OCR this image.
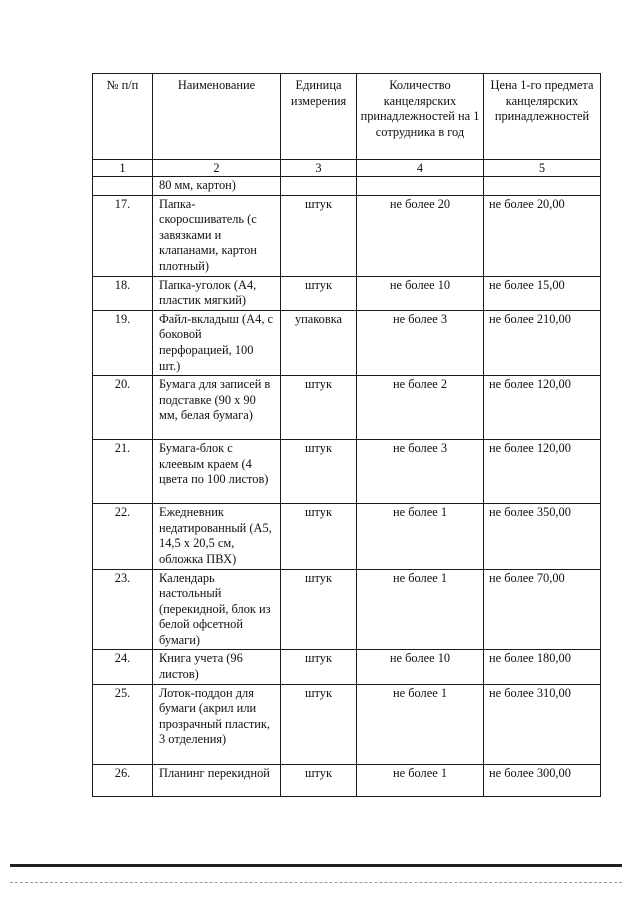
№ п/п	Наименование	Единица измерения	Количество канцелярских принадлежностей на 1 сотрудника в год	Цена 1-го предмета канцелярских принадлежностей
1	2	3	4	5
	80 мм, картон)			
17.	Папка-скоросшиватель (с завязками и клапанами, картон плотный)	штук	не более 20	не более 20,00
18.	Папка-уголок (А4, пластик мягкий)	штук	не более 10	не более 15,00
19.	Файл-вкладыш (А4, с боковой перфорацией, 100 шт.)	упаковка	не более 3	не более 210,00
20.	Бумага для записей в подставке (90 х 90 мм, белая бумага)	штук	не более 2	не более 120,00
21.	Бумага-блок с клеевым краем (4 цвета по 100 листов)	штук	не более 3	не более 120,00
22.	Ежедневник недатированный (А5, 14,5 х 20,5 см, обложка ПВХ)	штук	не более 1	не более 350,00
23.	Календарь настольный (перекидной, блок из белой офсетной бумаги)	штук	не более 1	не более 70,00
24.	Книга учета (96 листов)	штук	не более 10	не более 180,00
25.	Лоток-поддон для бумаги (акрил или прозрачный пластик, 3 отделения)	штук	не более 1	не более 310,00
26.	Планинг перекидной	штук	не более 1	не более 300,00
